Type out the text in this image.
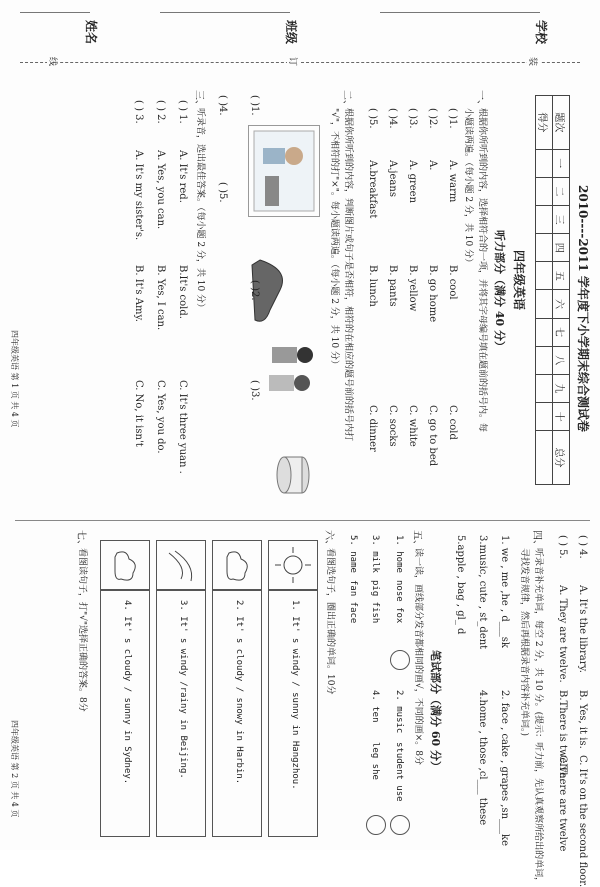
学校
班级
姓名
装
订
线
2010----2011 学年度下小学期末综合测试卷
题次	一	二	三	四	五	六	七	八	九	十	总分
得分											
四年级英语
听力部分（满分 40 分）
一、
根据你所听到的内容，选择相符合的一项，并将其字母编号填在题前的括号内。每
小题读两遍。（每小题 2 分，共 10 分）
( )1.
A. warm
B. cool
C. cold
( )2.
A.
B. go home
C. go to bed
( )3.
A. green
B. yellow
C. white
( )4.
A.jeans
B. pants
C. socks
( )5.
A.breakfast
B. lunch
C. dinner
二、
根据你所听到的内容，判断图片或句子是否相符，相符的在相应的题号前的括号内打
"√"，不相符的打"×"。每小题读两遍。（每小题 2 分，共 10 分）
( )1.
( )2.
( )3.
( )4.
( )5.
三、
听录音，选出最佳答案。（每小题 2 分，共 10 分）
( ) 1.
A. It's red.
B.It's cold.
C. It's three yuan .
( ) 2.
A. Yes, you can.
B. Yes, I can.
C. Yes, you do.
( ) 3.
A. It's my sister's.
B. It's Amy.
C. No, it isn't
四年级英语 第 1 页 共 4 页
( ) 4.
A. It's the library.
B. Yes, it is.
C. It's on the second floor.
( ) 5.
A. They are twelve.
B.There is twelve.
C.There are twelve
四、
听录音补充单词，每空 2 分，共 10 分。(提示：听力前，先认真观察所给出的单词，
寻找发音规律，然后再根据录音内容补充单词。)
1. we , me ,he , d___sk
2. face , cake , grapes ,sn___ke
3.music, cute , st_dent
4.home , those ,cl___ these
5.apple , bag , gl_ d
笔试部分（满分 60 分）
五、
读一读，画线部分发音都相同的画√，不同的画×。8分
1. home
nose fox
2. music
student use
3. milk
pig fish
4. ten
leg she
5. name
fan face
六、
看图选句子，圈出正确的单词。10分
1. It' s windy / sunny in Hangzhou.
2. It' s cloudy / snowy in Harbin.
3. It' s windy /rainy in Beijing.
4. It' s cloudy / sunny in Sydney.
七、
看图读句子，打"√"选择正确的答案。8分
四年级英语 第 2 页 共 4 页
